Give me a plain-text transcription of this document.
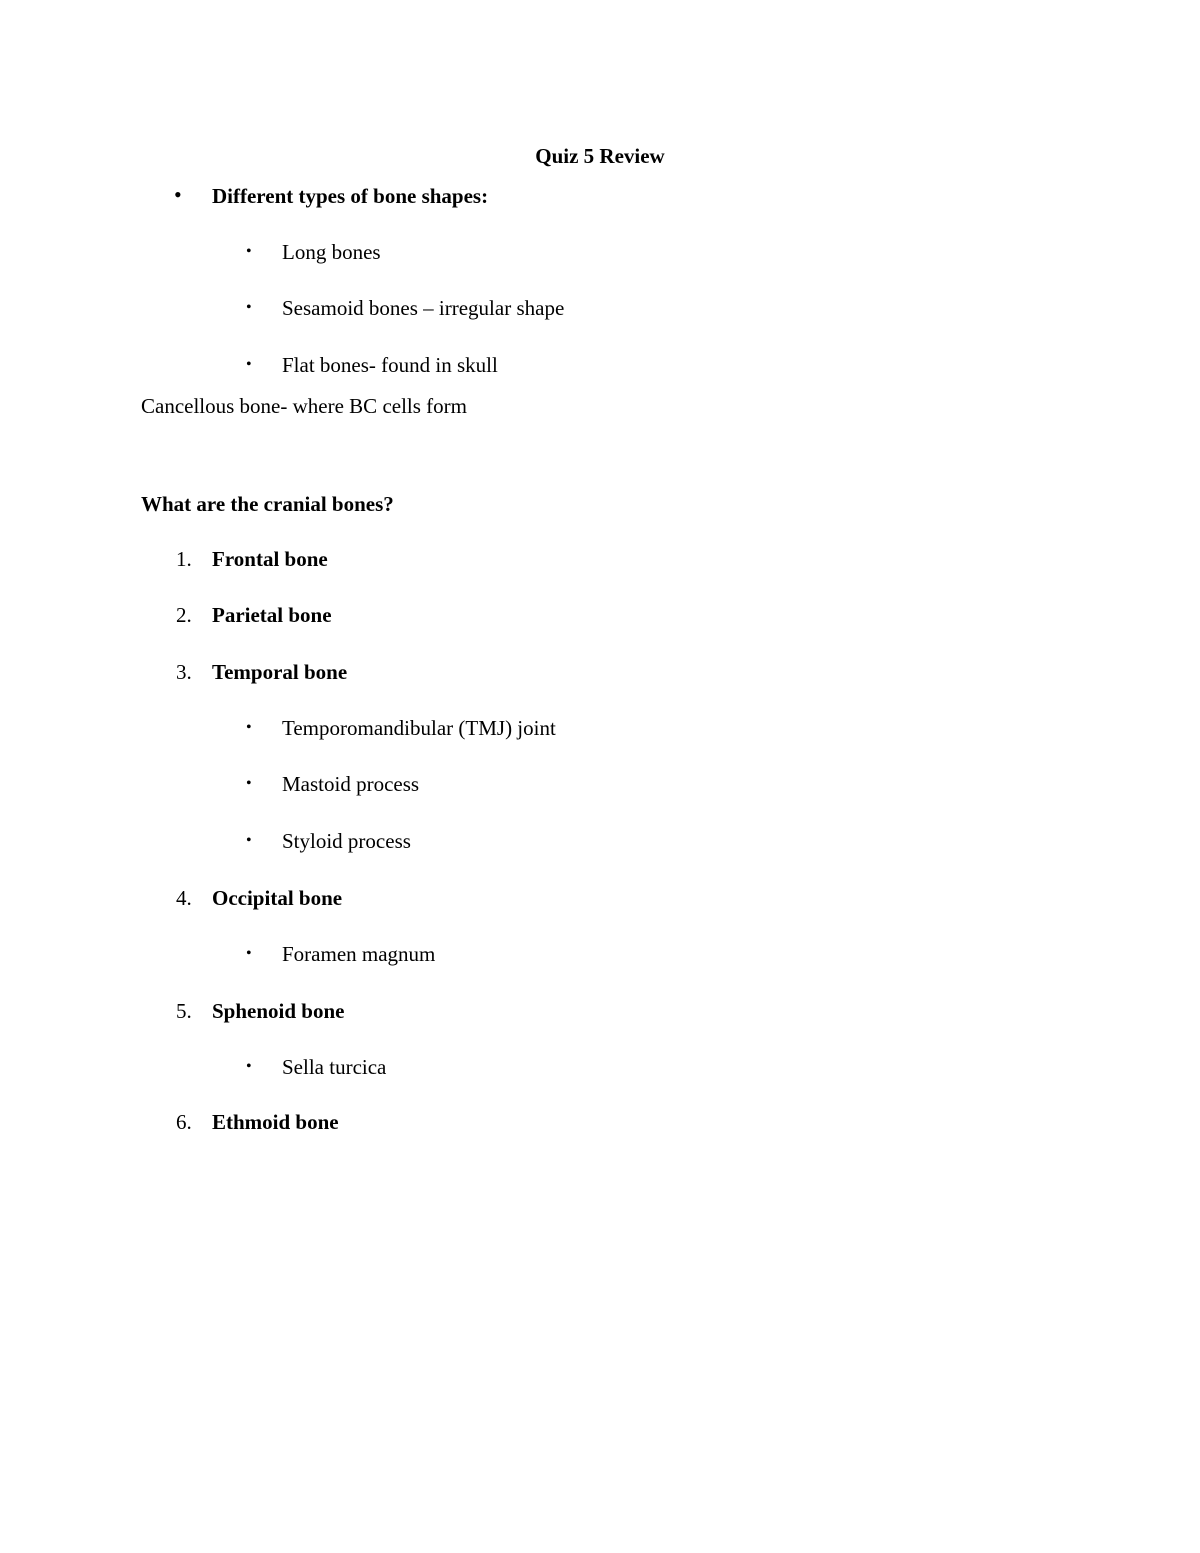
Quiz 5 Review
• Different types of bone shapes:
• Long bones
• Sesamoid bones – irregular shape
• Flat bones- found in skull
Cancellous bone- where BC cells form
What are the cranial bones?
1. Frontal bone
2. Parietal bone
3. Temporal bone
• Temporomandibular (TMJ) joint
• Mastoid process
• Styloid process
4. Occipital bone
• Foramen magnum
5. Sphenoid bone
• Sella turcica
6. Ethmoid bone
